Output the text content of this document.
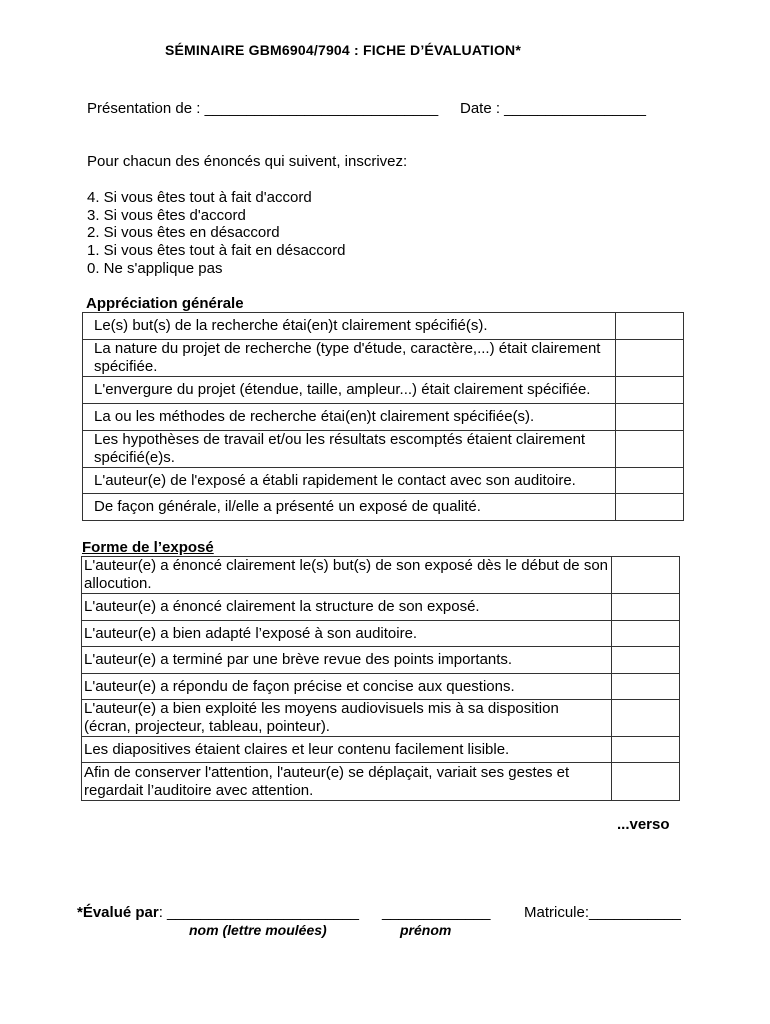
SÉMINAIRE GBM6904/7904 : FICHE D’ÉVALUATION*
Présentation de : ____________________________ Date : _________________
Pour chacun des énoncés qui suivent, inscrivez:
4. Si vous êtes tout à fait d'accord
3. Si vous êtes d'accord
2. Si vous êtes en désaccord
1. Si vous êtes tout à fait en désaccord
0. Ne s'applique pas
Appréciation générale
Le(s) but(s) de la recherche étai(en)t clairement spécifié(s).	
La nature du projet de recherche (type d'étude, caractère,...) était clairement spécifiée.	
L'envergure du projet (étendue, taille, ampleur...) était clairement spécifiée.	
La ou les méthodes de recherche étai(en)t clairement spécifiée(s).	
Les hypothèses de travail et/ou les résultats escomptés étaient clairement spécifié(e)s.	
L'auteur(e) de l'exposé a établi rapidement le contact avec son auditoire.	
De façon générale, il/elle a présenté un exposé de qualité.	
Forme de l’exposé
L'auteur(e) a énoncé clairement le(s) but(s) de son exposé dès le début de son allocution.	
L'auteur(e) a énoncé clairement la structure de son exposé.	
L'auteur(e) a bien adapté l’exposé à son auditoire.	
L'auteur(e) a terminé par une brève revue des points importants.	
L'auteur(e) a répondu de façon précise et concise aux questions.	
L'auteur(e) a bien exploité les moyens audiovisuels mis à sa disposition (écran, projecteur, tableau, pointeur).	
Les diapositives étaient claires et leur contenu facilement lisible.	
Afin de conserver l'attention, l'auteur(e) se déplaçait, variait ses gestes et regardait l’auditoire avec attention.	
...verso
*Évalué par: _______________________ _____________ Matricule:___________
nom (lettre moulées)	prénom
